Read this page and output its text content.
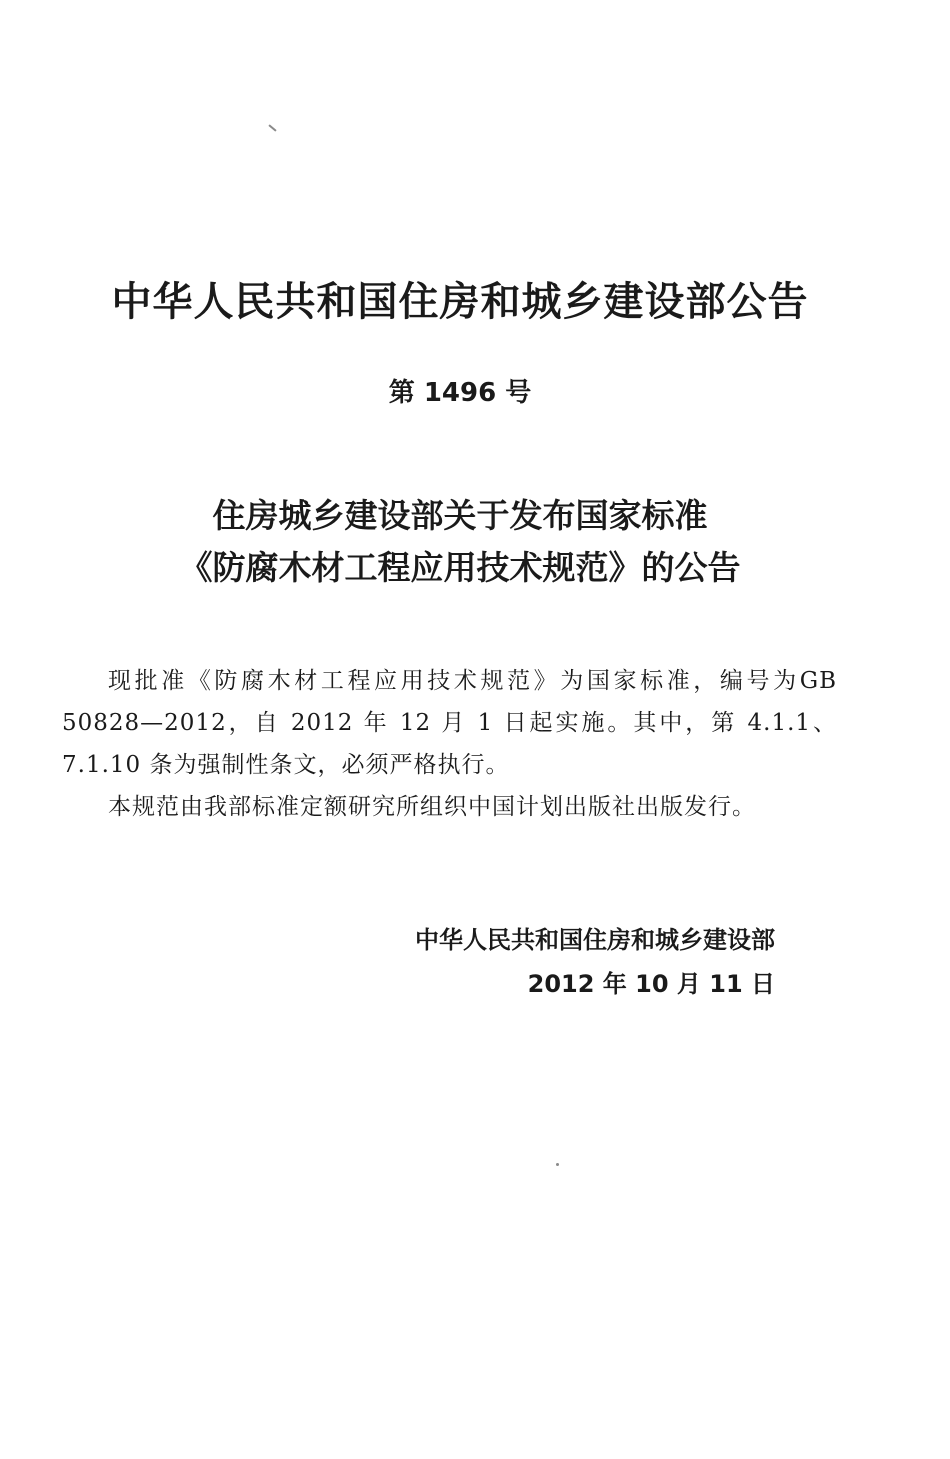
中华人民共和国住房和城乡建设部公告
第 1496 号
住房城乡建设部关于发布国家标准
《防腐木材工程应用技术规范》的公告

现批准《防腐木材工程应用技术规范》为国家标准，编号为GB 50828—2012，自 2012 年 12 月 1 日起实施。其中，第 4.1.1、7.1.10 条为强制性条文，必须严格执行。

本规范由我部标准定额研究所组织中国计划出版社出版发行。

中华人民共和国住房和城乡建设部
2012 年 10 月 11 日
